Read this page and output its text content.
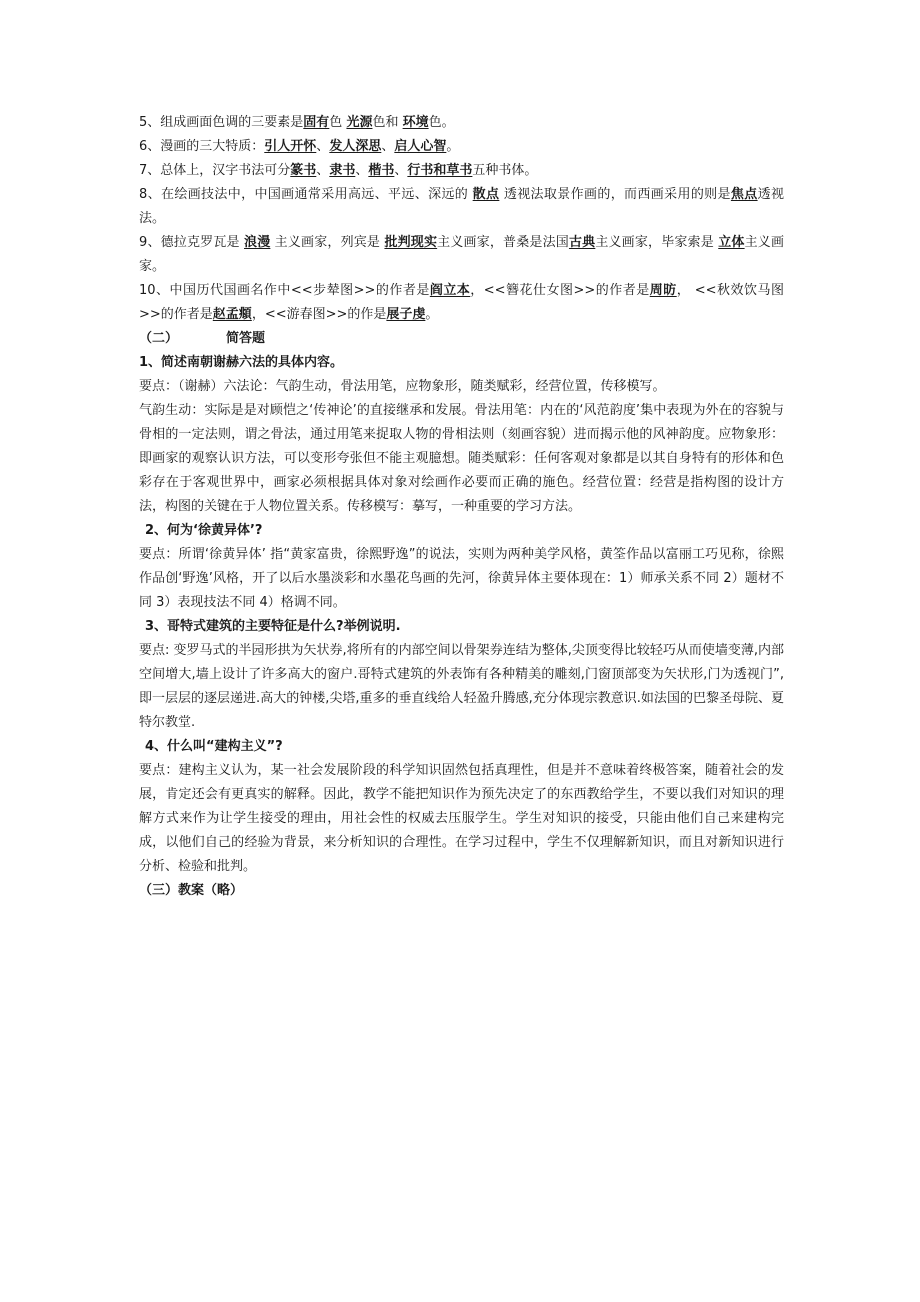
5、组成画面色调的三要素是固有色 光源色和 环境色。

6、漫画的三大特质：引人开怀、发人深思、启人心智。

7、总体上，汉字书法可分篆书、隶书、楷书、行书和草书五种书体。

8、在绘画技法中，中国画通常采用高远、平远、深远的 散点 透视法取景作画的，而西画采用的则是焦点透视法。

9、德拉克罗瓦是 浪漫 主义画家，列宾是 批判现实主义画家，普桑是法国古典主义画家，毕家索是 立体主义画家。

10、中国历代国画名作中<<步辇图>>的作者是阎立本，<<簪花仕女图>>的作者是周昉， <<秋效饮马图>>的作者是赵孟頫，<<游春图>>的作是展子虔。

（二）	简答题

1、简述南朝谢赫六法的具体内容。

要点：（谢赫）六法论：气韵生动，骨法用笔，应物象形，随类赋彩，经营位置，传移模写。

气韵生动：实际是是对顾恺之‘传神论’的直接继承和发展。骨法用笔：内在的‘风范韵度’集中表现为外在的容貌与骨相的一定法则，谓之骨法，通过用笔来捉取人物的骨相法则（刻画容貌）进而揭示他的风神韵度。应物象形：即画家的观察认识方法，可以变形夸张但不能主观臆想。随类赋彩：任何客观对象都是以其自身特有的形体和色彩存在于客观世界中，画家必须根据具体对象对绘画作必要而正确的施色。经营位置：经营是指构图的设计方法，构图的关键在于人物位置关系。传移模写：摹写，一种重要的学习方法。

2、何为‘徐黄异体’?

要点：所谓‘徐黄异体’ 指“黄家富贵，徐熙野逸”的说法，实则为两种美学风格，黄筌作品以富丽工巧见称，徐熙作品创‘野逸’风格，开了以后水墨淡彩和水墨花鸟画的先河，徐黄异体主要体现在：1）师承关系不同 2）题材不同 3）表现技法不同 4）格调不同。

3、哥特式建筑的主要特征是什么?举例说明.

要点: 变罗马式的半园形拱为矢状券,将所有的内部空间以骨架券连结为整体,尖顶变得比较轻巧从而使墙变薄,内部空间增大,墙上设计了许多高大的窗户.哥特式建筑的外表饰有各种精美的雕刻,门窗顶部变为矢状形,门为透视门”,即一层层的逐层递进.高大的钟楼,尖塔,重多的垂直线给人轻盈升腾感,充分体现宗教意识.如法国的巴黎圣母院、夏特尔教堂.

4、什么叫“建构主义”?

要点：建构主义认为，某一社会发展阶段的科学知识固然包括真理性，但是并不意味着终极答案，随着社会的发展，肯定还会有更真实的解释。因此，教学不能把知识作为预先决定了的东西教给学生，不要以我们对知识的理解方式来作为让学生接受的理由，用社会性的权威去压服学生。学生对知识的接受，只能由他们自己来建构完成，以他们自己的经验为背景，来分析知识的合理性。在学习过程中，学生不仅理解新知识，而且对新知识进行分析、检验和批判。

（三）教案（略）
